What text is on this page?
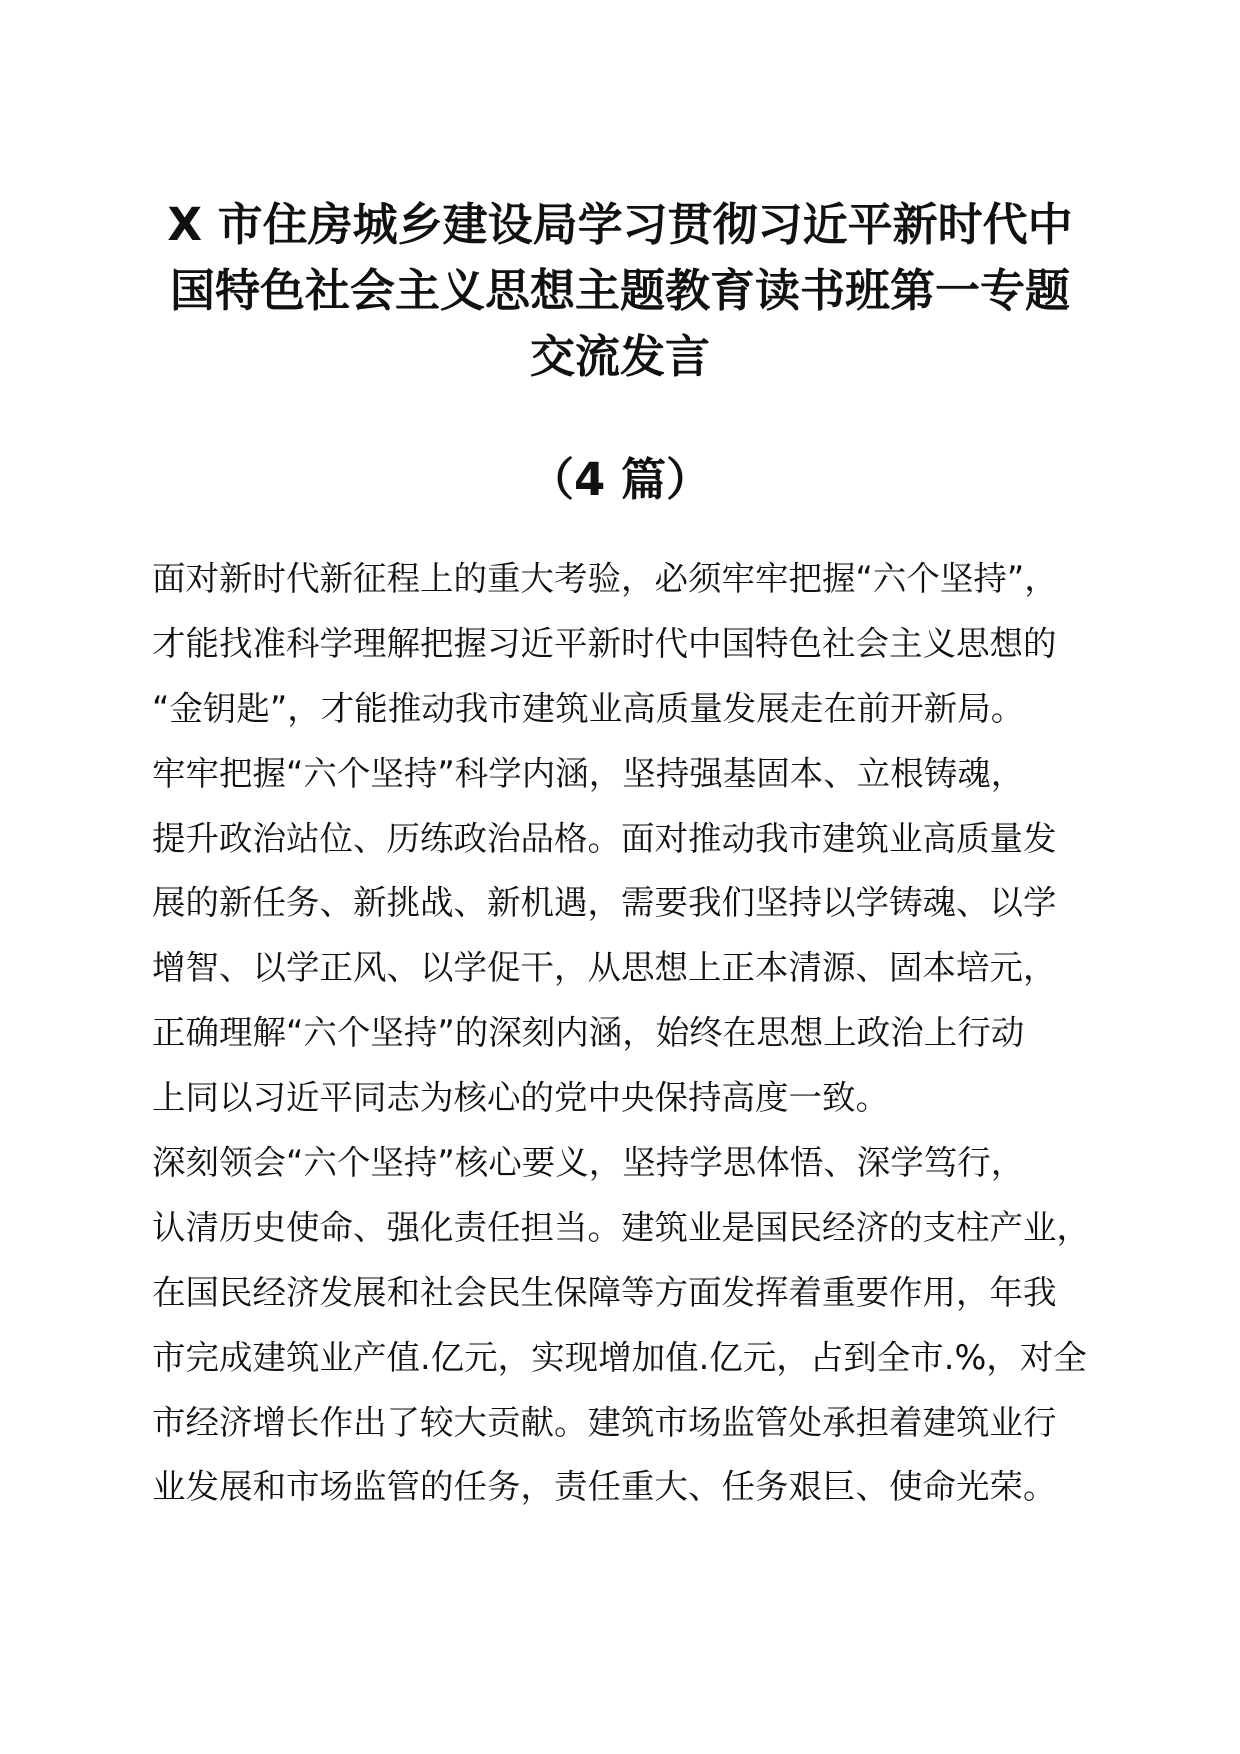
X 市住房城乡建设局学习贯彻习近平新时代中
国特色社会主义思想主题教育读书班第一专题
交流发言
（4 篇）
面对新时代新征程上的重大考验，必须牢牢把握“六个坚持”，
才能找准科学理解把握习近平新时代中国特色社会主义思想的
“金钥匙”，才能推动我市建筑业高质量发展走在前开新局。
牢牢把握“六个坚持”科学内涵，坚持强基固本、立根铸魂，
提升政治站位、历练政治品格。面对推动我市建筑业高质量发
展的新任务、新挑战、新机遇，需要我们坚持以学铸魂、以学
增智、以学正风、以学促干，从思想上正本清源、固本培元，
正确理解“六个坚持”的深刻内涵，始终在思想上政治上行动
上同以习近平同志为核心的党中央保持高度一致。
深刻领会“六个坚持”核心要义，坚持学思体悟、深学笃行，
认清历史使命、强化责任担当。建筑业是国民经济的支柱产业，
在国民经济发展和社会民生保障等方面发挥着重要作用，年我
市完成建筑业产值.亿元，实现增加值.亿元，占到全市.%，对全
市经济增长作出了较大贡献。建筑市场监管处承担着建筑业行
业发展和市场监管的任务，责任重大、任务艰巨、使命光荣。
